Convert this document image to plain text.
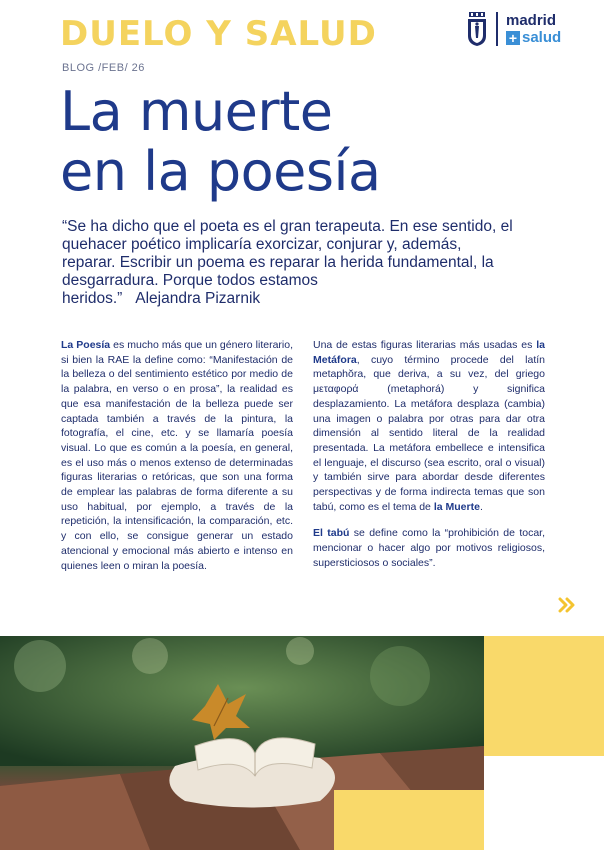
DUELO Y SALUD	madrid
+ salud
BLOG /FEB/ 26
La muerte
en la poesía
“Se ha dicho que el poeta es el gran terapeuta. En ese sentido, el quehacer poético implicaría exorcizar, conjurar y, además, reparar. Escribir un poema es reparar la herida fundamental, la desgarradura. Porque todos estamos heridos.” Alejandra Pizarnik

La Poesía es mucho más que un género literario, si bien la RAE la define como: “Manifestación de la belleza o del sentimiento estético por medio de la palabra, en verso o en prosa”, la realidad es que esa manifestación de la belleza puede ser captada también a través de la pintura, la fotografía, el cine, etc. y se llamaría poesía visual. Lo que es común a la poesía, en general, es el uso más o menos extenso de determinadas figuras literarias o retóricas, que son una forma de emplear las palabras de forma diferente a su uso habitual, por ejemplo, a través de la repetición, la intensificación, la comparación, etc. y con ello, se consigue generar un estado atencional y emocional más abierto e intenso en quienes leen o miran la poesía.

Una de estas figuras literarias más usadas es la Metáfora, cuyo término procede del latín metaphŏra, que deriva, a su vez, del griego μεταφορά (metaphorá) y significa desplazamiento. La metáfora desplaza (cambia) una imagen o palabra por otras para dar otra dimensión al sentido literal de la realidad presentada. La metáfora embellece e intensifica el lenguaje, el discurso (sea escrito, oral o visual) y también sirve para abordar desde diferentes perspectivas y de forma indirecta temas que son tabú, como es el tema de la Muerte.

El tabú se define como la “prohibición de tocar, mencionar o hacer algo por motivos religiosos, supersticiosos o sociales”.
